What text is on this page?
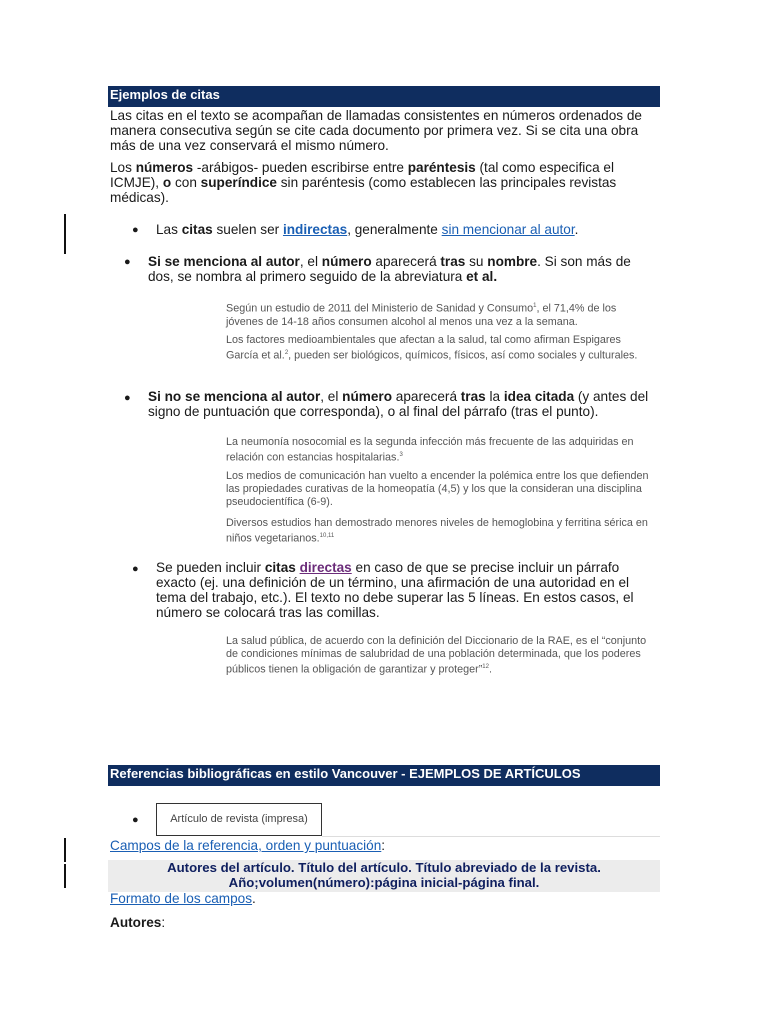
Ejemplos de citas
Las citas en el texto se acompañan de llamadas consistentes en números ordenados de manera consecutiva según se cite cada documento por primera vez. Si se cita una obra más de una vez conservará el mismo número.
Los números -arábigos- pueden escribirse entre paréntesis (tal como especifica el ICMJE), o con superíndice sin paréntesis (como establecen las principales revistas médicas).
● Las citas suelen ser indirectas, generalmente sin mencionar al autor.
● Si se menciona al autor, el número aparecerá tras su nombre. Si son más de dos, se nombra al primero seguido de la abreviatura et al.
Según un estudio de 2011 del Ministerio de Sanidad y Consumo$^1$, el 71,4% de los jóvenes de 14-18 años consumen alcohol al menos una vez a la semana.
Los factores medioambientales que afectan a la salud, tal como afirman Espigares García et al.$^2$, pueden ser biológicos, químicos, físicos, así como sociales y culturales.
● Si no se menciona al autor, el número aparecerá tras la idea citada (y antes del signo de puntuación que corresponda), o al final del párrafo (tras el punto).
La neumonía nosocomial es la segunda infección más frecuente de las adquiridas en relación con estancias hospitalarias.$^3$
Los medios de comunicación han vuelto a encender la polémica entre los que defienden las propiedades curativas de la homeopatía (4,5) y los que la consideran una disciplina pseudocientífica (6-9).
Diversos estudios han demostrado menores niveles de hemoglobina y ferritina sérica en niños vegetarianos.$^{10,11}$
● Se pueden incluir citas directas en caso de que se precise incluir un párrafo exacto (ej. una definición de un término, una afirmación de una autoridad en el tema del trabajo, etc.). El texto no debe superar las 5 líneas. En estos casos, el número se colocará tras las comillas.
La salud pública, de acuerdo con la definición del Diccionario de la RAE, es el “conjunto de condiciones mínimas de salubridad de una población determinada, que los poderes públicos tienen la obligación de garantizar y proteger”$^{12}$.
Referencias bibliográficas en estilo Vancouver - EJEMPLOS DE ARTÍCULOS
●	Artículo de revista (impresa)
Campos de la referencia, orden y puntuación:
Autores del artículo. Título del artículo. Título abreviado de la revista.
Año;volumen(número):página inicial-página final.
Formato de los campos.
Autores:
